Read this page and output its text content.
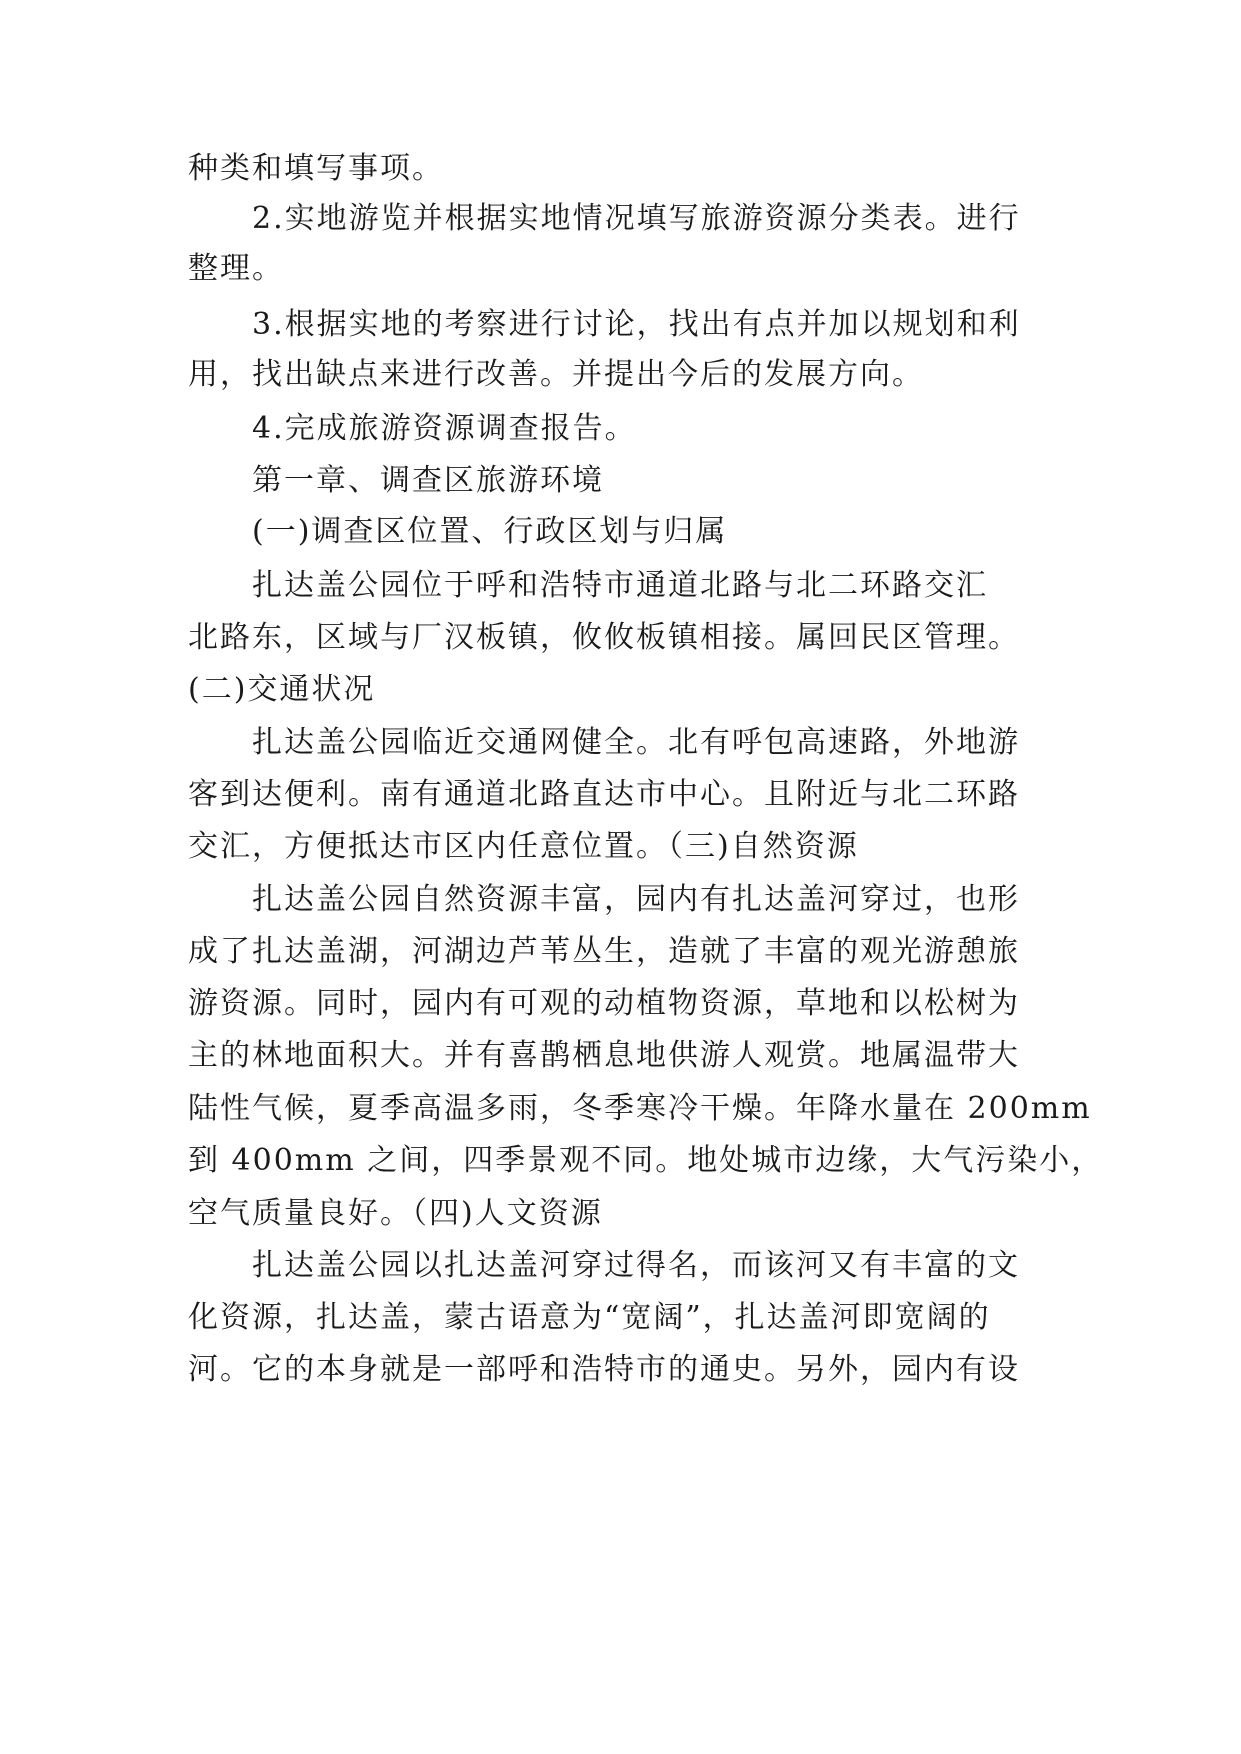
种类和填写事项。
2.实地游览并根据实地情况填写旅游资源分类表。进行
整理。
3.根据实地的考察进行讨论，找出有点并加以规划和利
用，找出缺点来进行改善。并提出今后的发展方向。
4.完成旅游资源调查报告。
第一章、调查区旅游环境
(一)调查区位置、行政区划与归属
扎达盖公园位于呼和浩特市通道北路与北二环路交汇
北路东，区域与厂汉板镇，攸攸板镇相接。属回民区管理。
(二)交通状况
扎达盖公园临近交通网健全。北有呼包高速路，外地游
客到达便利。南有通道北路直达市中心。且附近与北二环路
交汇，方便抵达市区内任意位置。（三)自然资源
扎达盖公园自然资源丰富，园内有扎达盖河穿过，也形
成了扎达盖湖，河湖边芦苇丛生，造就了丰富的观光游憩旅
游资源。同时，园内有可观的动植物资源，草地和以松树为
主的林地面积大。并有喜鹊栖息地供游人观赏。地属温带大
陆性气候，夏季高温多雨，冬季寒冷干燥。年降水量在 200mm
到 400mm 之间，四季景观不同。地处城市边缘，大气污染小，
空气质量良好。（四)人文资源
扎达盖公园以扎达盖河穿过得名，而该河又有丰富的文
化资源，扎达盖，蒙古语意为“宽阔”，扎达盖河即宽阔的
河。它的本身就是一部呼和浩特市的通史。另外，园内有设
